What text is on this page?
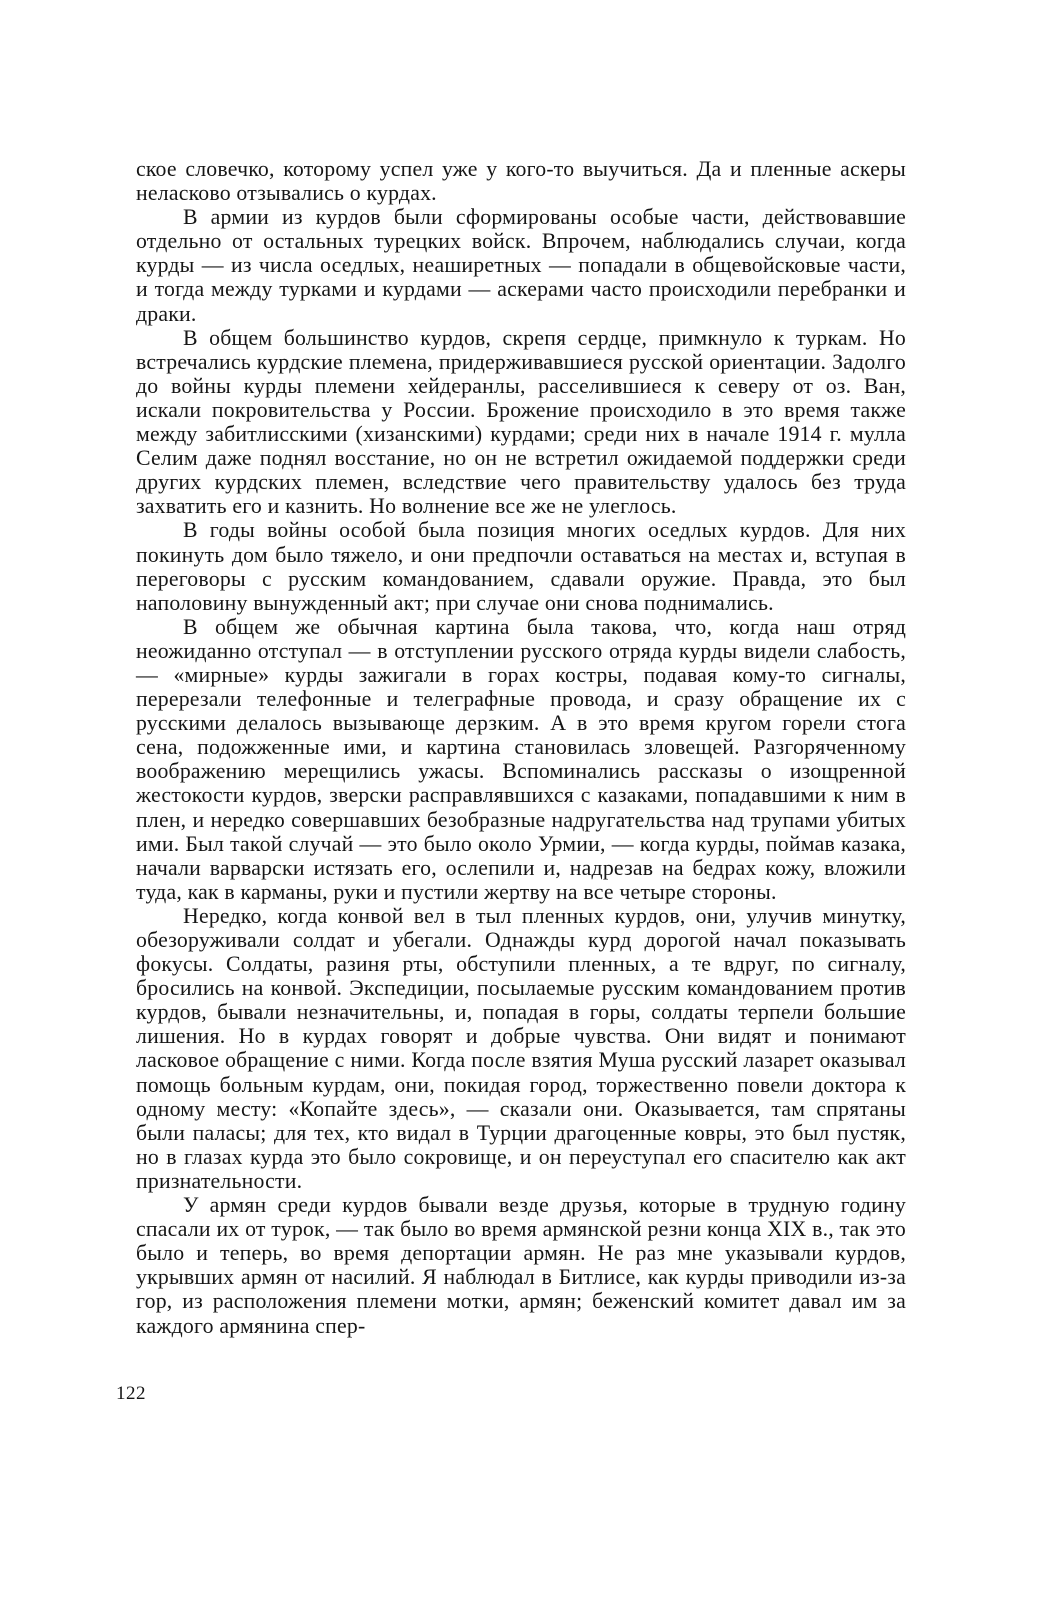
ское словечко, которому успел уже у кого-то выучиться. Да и пленные аскеры неласково отзывались о курдах.

В армии из курдов были сформированы особые части, действовавшие отдельно от остальных турецких войск. Впрочем, наблюдались случаи, когда курды — из числа оседлых, неаширетных — попадали в общевойсковые части, и тогда между турками и курдами — аскерами часто происходили перебранки и драки.

В общем большинство курдов, скрепя сердце, примкнуло к туркам. Но встречались курдские племена, придерживавшиеся русской ориентации. Задолго до войны курды племени хейдеранлы, расселившиеся к северу от оз. Ван, искали покровительства у России. Брожение происходило в это время также между забитлисскими (хизанскими) курдами; среди них в начале 1914 г. мулла Селим даже поднял восстание, но он не встретил ожидаемой поддержки среди других курдских племен, вследствие чего правительству удалось без труда захватить его и казнить. Но волнение все же не улеглось.

В годы войны особой была позиция многих оседлых курдов. Для них покинуть дом было тяжело, и они предпочли оставаться на местах и, вступая в переговоры с русским командованием, сдавали оружие. Правда, это был наполовину вынужденный акт; при случае они снова поднимались.

В общем же обычная картина была такова, что, когда наш отряд неожиданно отступал — в отступлении русского отряда курды видели слабость, — «мирные» курды зажигали в горах костры, подавая кому-то сигналы, перерезали телефонные и телеграфные провода, и сразу обращение их с русскими делалось вызывающе дерзким. А в это время кругом горели стога сена, подожженные ими, и картина становилась зловещей. Разгоряченному воображению мерещились ужасы. Вспоминались рассказы о изощренной жестокости курдов, зверски расправлявшихся с казаками, попадавшими к ним в плен, и нередко совершавших безобразные надругательства над трупами убитых ими. Был такой случай — это было около Урмии, — когда курды, поймав казака, начали варварски истязать его, ослепили и, надрезав на бедрах кожу, вложили туда, как в карманы, руки и пустили жертву на все четыре стороны.

Нередко, когда конвой вел в тыл пленных курдов, они, улучив минутку, обезоруживали солдат и убегали. Однажды курд дорогой начал показывать фокусы. Солдаты, разиня рты, обступили пленных, а те вдруг, по сигналу, бросились на конвой. Экспедиции, посылаемые русским командованием против курдов, бывали незначительны, и, попадая в горы, солдаты терпели большие лишения. Но в курдах говорят и добрые чувства. Они видят и понимают ласковое обращение с ними. Когда после взятия Муша русский лазарет оказывал помощь больным курдам, они, покидая город, торжественно повели доктора к одному месту: «Копайте здесь», — сказали они. Оказывается, там спрятаны были паласы; для тех, кто видал в Турции драгоценные ковры, это был пустяк, но в глазах курда это было сокровище, и он переуступал его спасителю как акт признательности.

У армян среди курдов бывали везде друзья, которые в трудную годину спасали их от турок, — так было во время армянской резни конца XIX в., так это было и теперь, во время депортации армян. Не раз мне указывали курдов, укрывших армян от насилий. Я наблюдал в Битлисе, как курды приводили из-за гор, из расположения племени мотки, армян; беженский комитет давал им за каждого армянина спер-

122
